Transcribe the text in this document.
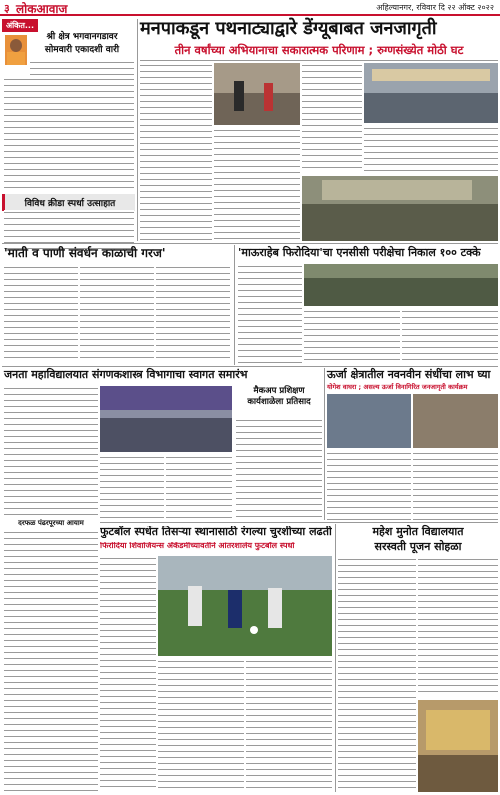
३ लोकआवाज	अहिल्यानगर, रविवार दि २२ ऑक्ट २०२२
अंकित...
श्री क्षेत्र भगवानगडावर
सोमवारी एकादशी वारी
विविध क्रीडा स्पर्धा उत्साहात
मनपाकडून पथनाट्याद्वारे डेंग्यूबाबत जनजागृती
तीन वर्षांच्या अभियानाचा सकारात्मक परिणाम ; रुग्णसंख्येत मोठी घट
'माती व पाणी संवर्धन काळाची गरज'	'माऊराहेब फिरोदिया'चा एनसीसी परीक्षेचा निकाल १०० टक्के
जनता महाविद्यालयात संगणकशास्त्र विभागाचा स्वागत समारंभ
मैकअप प्रशिक्षण कार्यशाळेला प्रतिसाद
ऊर्जा क्षेत्रातील नवनवीन संधींचा लाभ घ्या
योगेश वाघरा ; असल्य ऊर्जा विनागिरित जनजागृती कार्यक्रम
दरफळ पंढरपूरच्या आयाम
फुटबॉल स्पर्धेत तिसऱ्या स्थानासाठी रंगल्या चुरशीच्या लढती
फिरोदिया शिवाजियन्स अ‍ॅकॅडमीच्यावतीने आंतरशालेय फुटबॉल स्पर्धा
महेश मुनोत विद्यालयात
सरस्वती पूजन सोहळा
